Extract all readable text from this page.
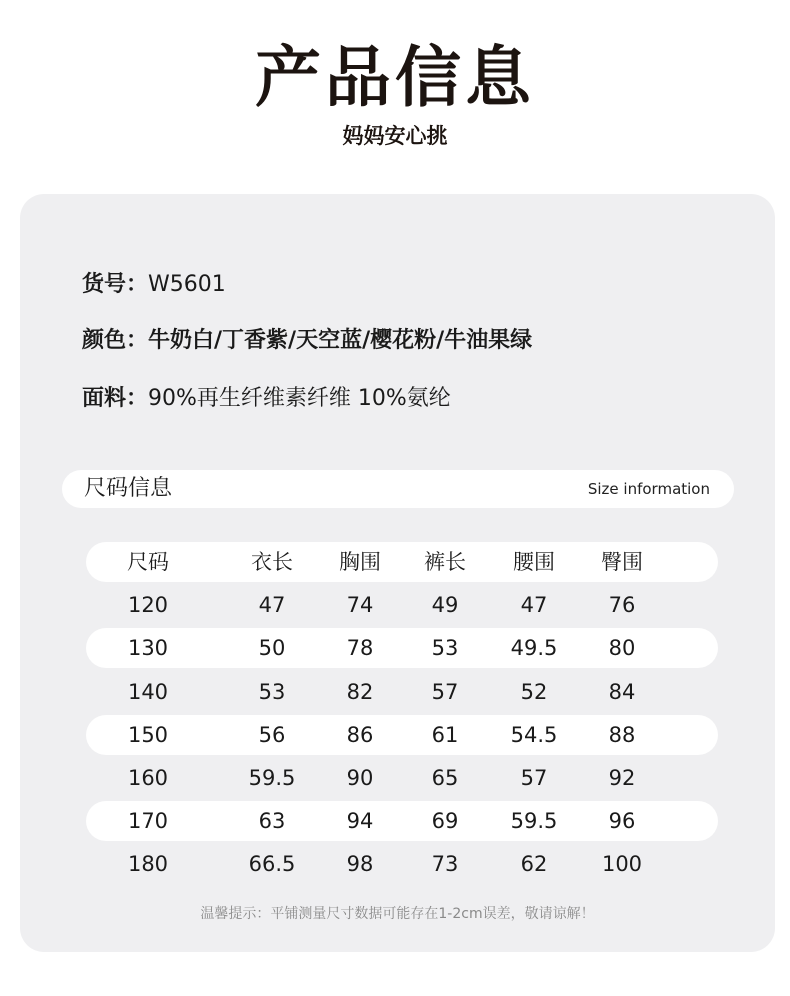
产品信息
妈妈安心挑
货号：W5601
颜色：牛奶白/丁香紫/天空蓝/樱花粉/牛油果绿
面料：90%再生纤维素纤维 10%氨纶
尺码信息	Size information
尺码	衣长	胸围	裤长	腰围	臀围
120	47	74	49	47	76
130	50	78	53	49.5	80
140	53	82	57	52	84
150	56	86	61	54.5	88
160	59.5	90	65	57	92
170	63	94	69	59.5	96
180	66.5	98	73	62	100
温馨提示：平铺测量尺寸数据可能存在1-2cm误差，敬请谅解！
